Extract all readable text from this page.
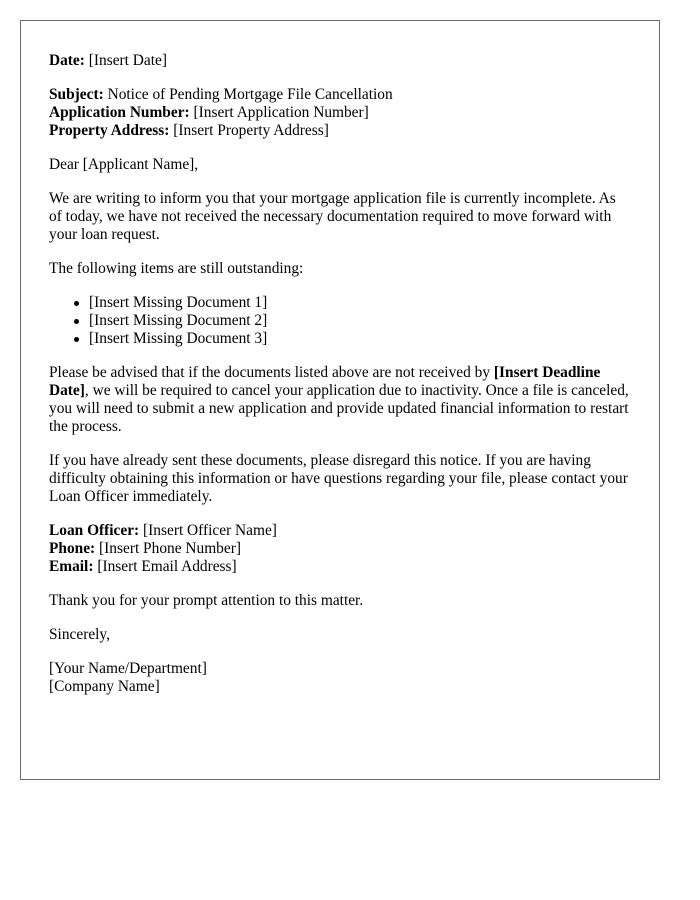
Date: [Insert Date]

Subject: Notice of Pending Mortgage File Cancellation

Application Number: [Insert Application Number]

Property Address: [Insert Property Address]

Dear [Applicant Name],

We are writing to inform you that your mortgage application file is currently incomplete. As of today, we have not received the necessary documentation required to move forward with your loan request.

The following items are still outstanding:

[Insert Missing Document 1]
[Insert Missing Document 2]
[Insert Missing Document 3]

Please be advised that if the documents listed above are not received by [Insert Deadline Date], we will be required to cancel your application due to inactivity. Once a file is canceled, you will need to submit a new application and provide updated financial information to restart the process.

If you have already sent these documents, please disregard this notice. If you are having difficulty obtaining this information or have questions regarding your file, please contact your Loan Officer immediately.

Loan Officer: [Insert Officer Name]

Phone: [Insert Phone Number]

Email: [Insert Email Address]

Thank you for your prompt attention to this matter.

Sincerely,

[Your Name/Department]

[Company Name]
